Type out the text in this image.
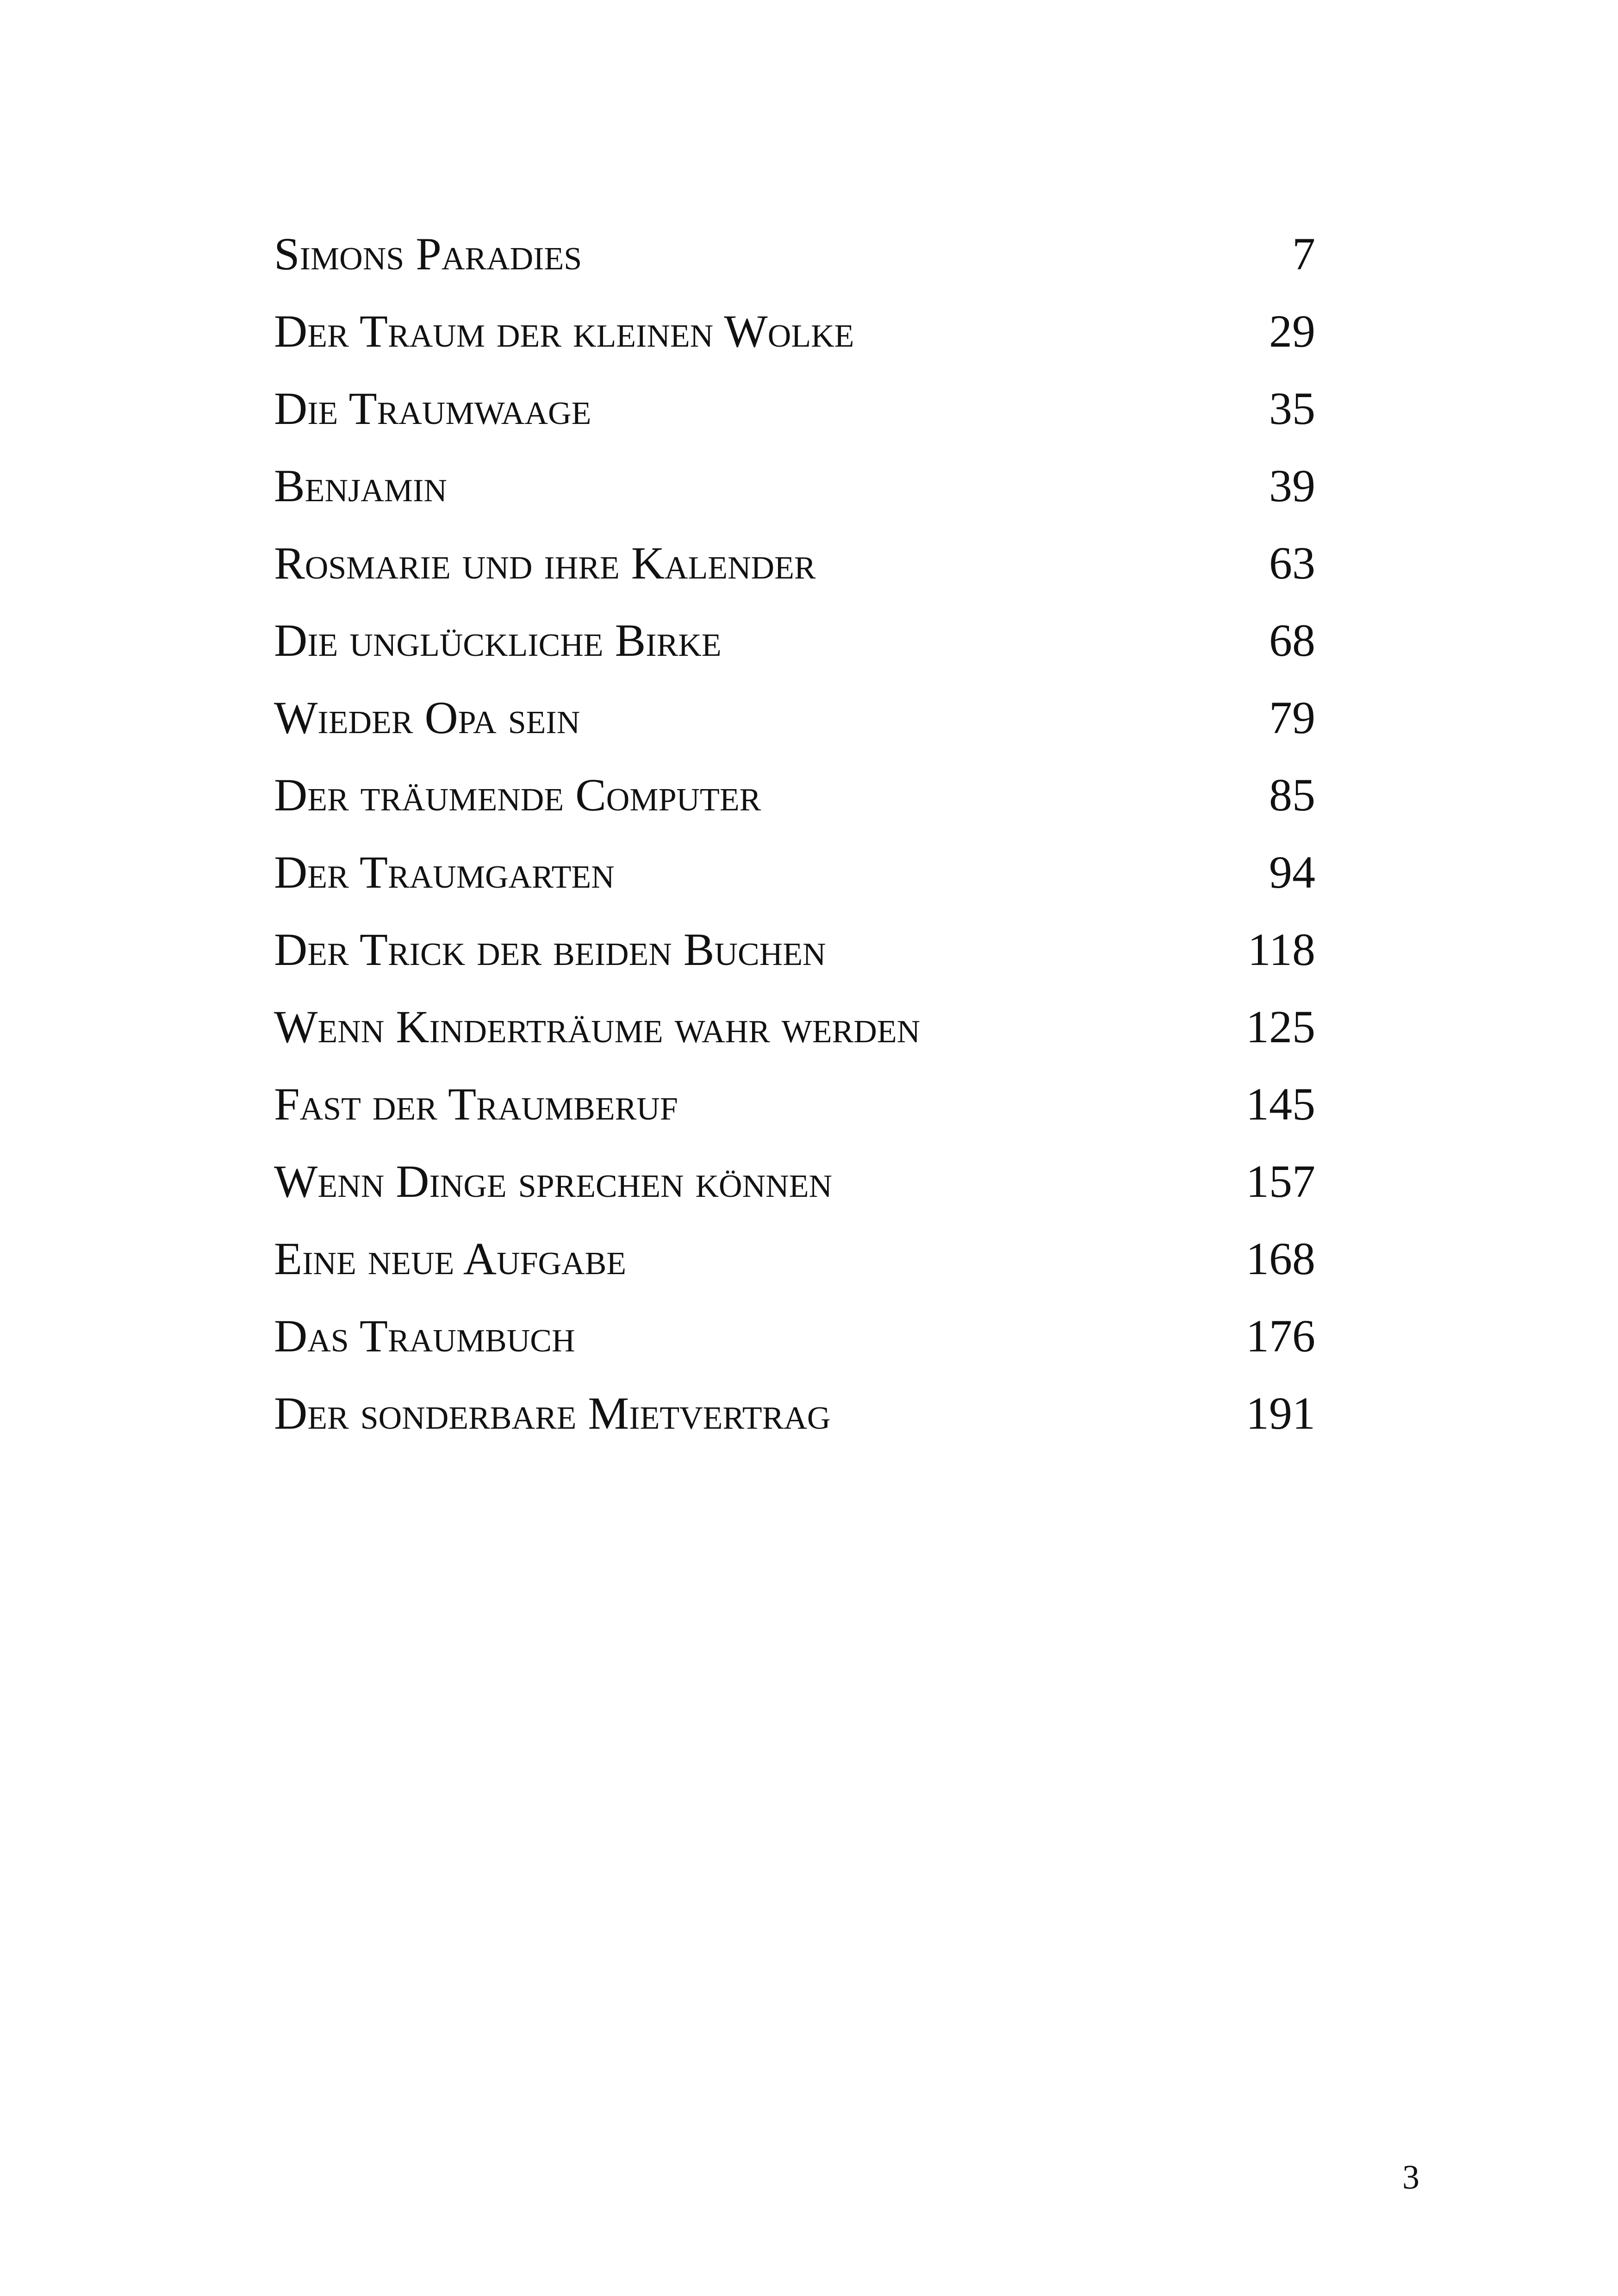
Simons Paradies	7
Der Traum der kleinen Wolke	29
Die Traumwaage	35
Benjamin	39
Rosmarie und ihre Kalender	63
Die unglückliche Birke	68
Wieder Opa sein	79
Der träumende Computer	85
Der Traumgarten	94
Der Trick der beiden Buchen	118
Wenn Kinderträume wahr werden	125
Fast der Traumberuf	145
Wenn Dinge sprechen können	157
Eine neue Aufgabe	168
Das Traumbuch	176
Der sonderbare Mietvertrag	191
3
